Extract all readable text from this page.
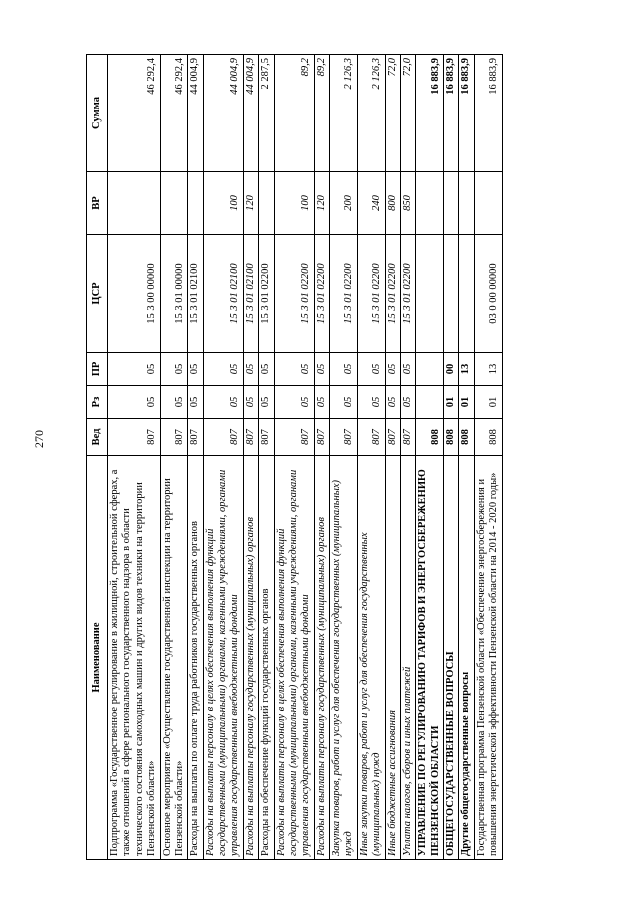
270
Наименование	Вед	Рз	ПР	ЦСР	ВР	Сумма
Подпрограмма «Государственное регулирование в жилищной, строительной сферах, а также отношений в сфере регионального государственного надзора в области технического состояния самоходных машин и других видов техники на территории Пензенской области»	807	05	05	15 3 00 00000		46 292,4
Основное мероприятие «Осуществление государственной инспекции на территории Пензенской области»	807	05	05	15 3 01 00000		46 292,4
Расходы на выплаты по оплате труда работников государственных органов	807	05	05	15 3 01 02100		44 004,9
Расходы на выплаты персоналу в целях обеспечения выполнения функций государственными (муниципальными) органами, казенными учреждениями, органами управления государственными внебюджетными фондами	807	05	05	15 3 01 02100	100	44 004,9
Расходы на выплаты персоналу государственных (муниципальных) органов	807	05	05	15 3 01 02100	120	44 004,9
Расходы на обеспечение функций государственных органов	807	05	05	15 3 01 02200		2 287,5
Расходы на выплаты персоналу в целях обеспечения выполнения функций государственными (муниципальными) органами, казенными учреждениями, органами управления государственными внебюджетными фондами	807	05	05	15 3 01 02200	100	89,2
Расходы на выплаты персоналу государственных (муниципальных) органов	807	05	05	15 3 01 02200	120	89,2
Закупка товаров, работ и услуг для обеспечения государственных (муниципальных) нужд	807	05	05	15 3 01 02200	200	2 126,3
Иные закупки товаров, работ и услуг для обеспечения государственных (муниципальных) нужд	807	05	05	15 3 01 02200	240	2 126,3
Иные бюджетные ассигнования	807	05	05	15 3 01 02200	800	72,0
Уплата налогов, сборов и иных платежей	807	05	05	15 3 01 02200	850	72,0
УПРАВЛЕНИЕ ПО РЕГУЛИРОВАНИЮ ТАРИФОВ И ЭНЕРГОСБЕРЕЖЕНИЮ ПЕНЗЕНСКОЙ ОБЛАСТИ	808					16 883,9
ОБЩЕГОСУДАРСТВЕННЫЕ ВОПРОСЫ	808	01	00			16 883,9
Другие общегосударственные вопросы	808	01	13			16 883,9
Государственная программа Пензенской области «Обеспечение энергосбережения и повышения энергетической эффективности Пензенской области на 2014 - 2020 годы»	808	01	13	03 0 00 00000		16 883,9
